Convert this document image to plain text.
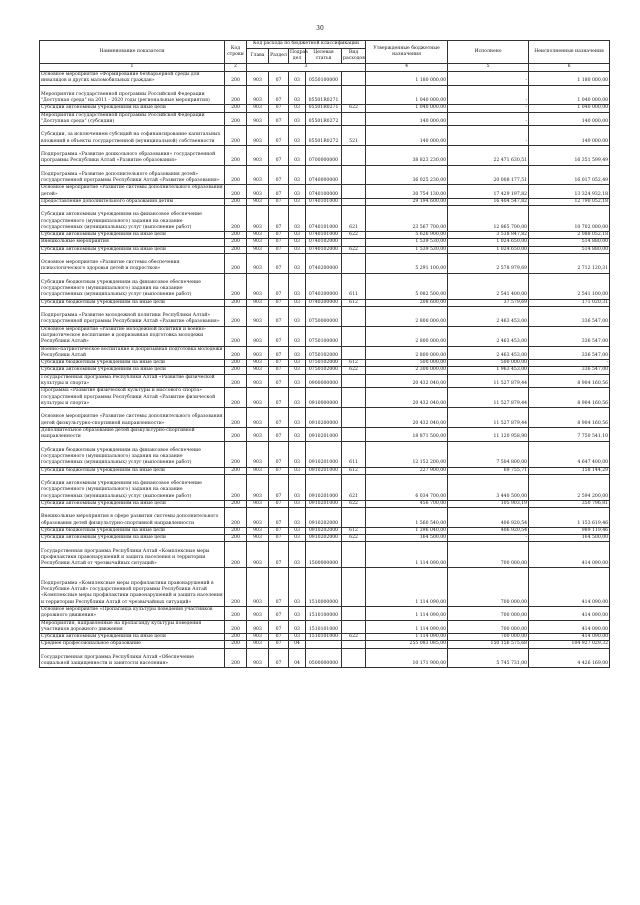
30
Наименование показателя	Код строки	Код расхода по бюджетной классификации					Утвержденные бюджетные назначения	Исполнено	Неисполненные назначения
		Глава	Раздел	Подраз дел	Целевая статья	Вид расходов			
1	2	3					4	5	6
Основное мероприятие «Формирование безбарьерной среды для инвалидов и других маломобильных граждан»	200	903	07	03	0550100000		1 180 000,00	-	1 180 000,00
Мероприятия государственной программы Российской Федерации "Доступная среда" на 2011 - 2020 годы (региональные мероприятия)	200	903	07	03	05501R0271		1 040 000,00	-	1 040 000,00
Субсидии автономным учреждениям на иные цели	200	903	07	03	05501R0271	622	1 040 000,00	-	1 040 000,00
Мероприятия государственной программы Российской Федерации "Доступная среда" (субсидии)	200	903	07	03	05501R0272		140 000,00	-	140 000,00
Субсидии, за исключением субсидий на софинансирование капитальных вложений в объекты государственной (муниципальной) собственности	200	903	07	03	05501R0272	521	140 000,00	-	140 000,00
Подпрограмма «Развитие дошкольного образования» государственной программы Республики Алтай «Развитие образования»	200	903	07	03	0700000000		38 823 230,00	22 471 630,51	16 351 599,49
Подпрограмма «Развитие дополнительного образования детей» государственной программы Республики Алтай «Развитие образования»	200	903	07	03	0740000000		36 025 230,00	20 008 177,51	16 017 052,49
Основное мероприятие «Развитие системы дополнительного образования детей»	200	903	07	03	0740100000		30 754 130,00	17 429 197,82	13 324 932,18
Предоставление дополнительного образования детям	200	903	07	03	0740101000		29 194 600,00	16 404 547,82	12 790 052,18
Субсидии автономным учреждениям на финансовое обеспечение государственного (муниципального) задания на оказание государственных (муниципальных) услуг (выполнение работ)	200	903	07	03	0740101000	621	23 567 700,00	12 865 700,00	10 702 000,00
Субсидии автономным учреждениям на иные цели	200	903	07	03	0740101000	622	5 626 900,00	3 538 847,82	2 088 052,18
Внешкольные мероприятия	200	903	07	03	0740102000		1 539 530,00	1 024 650,00	514 880,00
Субсидии автономным учреждениям на иные цели	200	903	07	03	0740102000	622	1 539 530,00	1 024 650,00	514 880,00
Основное мероприятие «Развитие системы обеспечения психологического здоровья детей и подростков»	200	903	07	03	0740200000		5 291 100,00	2 578 979,69	2 712 120,31
Субсидии бюджетным учреждениям на финансовое обеспечение государственного (муниципального) задания на оказание государственных (муниципальных) услуг (выполнение работ)	200	903	07	03	0740200000	611	5 082 500,00	2 541 400,00	2 541 100,00
Субсидии бюджетным учреждениям на иные цели	200	903	07	03	0740200000	612	208 600,00	37 579,69	171 020,31
Подпрограмма «Развитие молодежной политики Республики Алтай» государственной программы Республики Алтай «Развитие образования»	200	903	07	03	0750000000		2 800 000,00	2 463 453,00	336 547,00
Основное мероприятие «Развитие молодежной политики и военно-патриотическое воспитание и допризывная подготовка молодежи Республики Алтай»	200	903	07	03	0750100000		2 800 000,00	2 463 453,00	336 547,00
Военно-патриотическое воспитание и допризывная подготовка молодежи Республики Алтай	200	903	07	03	0750102000		2 800 000,00	2 463 453,00	336 547,00
Субсидии бюджетным учреждениям на иные цели	200	903	07	03	0750102000	612	500 000,00	500 000,00	-
Субсидии автономным учреждениям на иные цели	200	903	07	03	0750102000	622	2 300 000,00	1 963 453,00	336 547,00
Государственная программа Республики Алтай «Развитие физической культуры и спорта»	200	903	07	03	0900000000		20 432 040,00	11 527 879,44	8 904 160,56
Программа «Развитие физической культуры и массового спорта» государственной программы Республики Алтай «Развитие физической культуры и спорта»	200	903	07	03	0910000000		20 432 040,00	11 527 879,44	8 904 160,56
Основное мероприятие «Развитие системы дополнительного образования детей физкультурно-спортивной направленности»	200	903	07	03	0910200000		20 432 040,00	11 527 879,44	8 904 160,56
Дополнительное образование детей физкультурно-спортивной направленности	200	903	07	03	0910201000		18 871 500,00	11 120 958,90	7 750 541,10
Субсидии бюджетным учреждениям на финансовое обеспечение государственного (муниципального) задания на оказание государственных (муниципальных) услуг (выполнение работ)	200	903	07	03	0910201000	611	12 152 200,00	7 504 800,00	4 647 400,00
Субсидии бюджетным учреждениям на иные цели	200	903	07	03	0910201000	612	227 900,00	69 755,71	158 144,29
Субсидии автономным учреждениям на финансовое обеспечение государственного (муниципального) задания на оказание государственных (муниципальных) услуг (выполнение работ)	200	903	07	03	0910201000	621	6 034 700,00	3 440 500,00	2 594 200,00
Субсидии автономным учреждениям на иные цели	200	903	07	03	0910201000	622	456 700,00	105 903,19	350 796,81
Внешкольные мероприятия в сфере развития системы дополнительного образования детей физкультурно-спортивной направленности	200	903	07	03	0910202000		1 560 540,00	406 920,54	1 153 619,46
Субсидии бюджетным учреждениям на иные цели	200	903	07	03	0910202000	612	1 396 040,00	406 920,54	989 119,46
Субсидии автономным учреждениям на иные цели	200	903	07	03	0910202000	622	164 500,00	-	164 500,00
Государственная программа Республики Алтай «Комплексные меры профилактики правонарушений и защита населения и территории Республики Алтай от чрезвычайных ситуаций»	200	903	07	03	1500000000		1 114 090,00	700 000,00	414 090,00
Подпрограмма «Комплексные меры профилактики правонарушений в Республике Алтай» государственной программы Республики Алтай «Комплексные меры профилактики правонарушений и защита населения и территории Республики Алтай от чрезвычайных ситуаций»	200	903	07	03	1510000000		1 114 090,00	700 000,00	414 090,00
Основное мероприятие «Пропаганда культуры поведения участников дорожного движения»	200	903	07	03	1510100000		1 114 090,00	700 000,00	414 090,00
Мероприятия, направленные на пропаганду культуры поведения участников дорожного движения	200	903	07	03	1510101000		1 114 090,00	700 000,00	414 090,00
Субсидии автономным учреждениям на иные цели	200	903	07	03	1510101000	622	1 114 090,00	700 000,00	414 090,00
Среднее профессиональное образование	200	903	07	04			255 083 085,00	150 156 575,68	104 927 029,32
Государственная программа Республики Алтай «Обеспечение социальной защищенности и занятости населения»	200	903	07	04	0500000000		10 171 900,00	5 745 731,00	4 426 169,00
